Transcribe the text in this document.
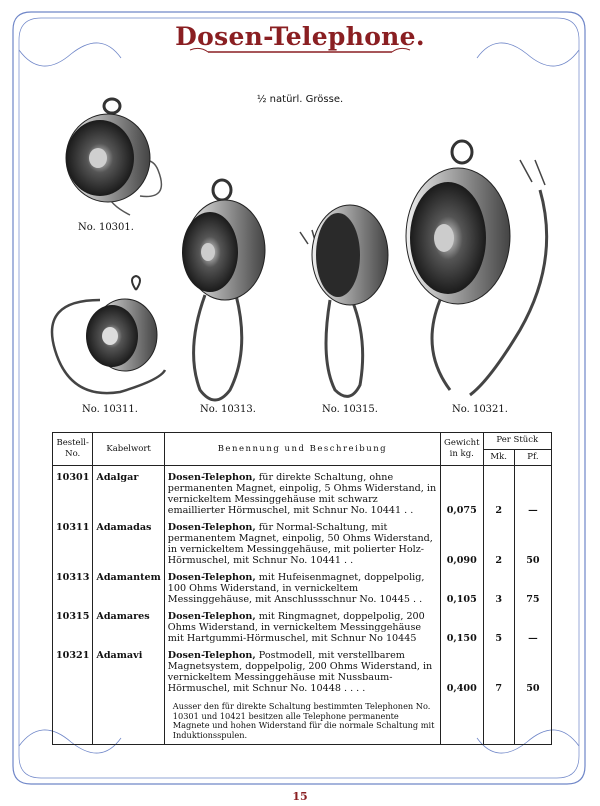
Dosen-Telephone.
½ natürl. Grösse.
No. 10301.
No. 10311.	No. 10313.	No. 10315.	No. 10321.
Bestell-No.	Kabelwort	Benennung und Beschreibung	Gewicht in kg.	Per Stück	
				Mk.	Pf.
10301	Adalgar	Dosen-Telephon, für direkte Schaltung, ohne permanenten Magnet, einpolig, 5 Ohms Widerstand, in vernickeltem Messinggehäuse mit schwarz emaillierter Hörmuschel, mit Schnur No. 10441 . .	0,075	2	—
10311	Adamadas	Dosen-Telephon, für Normal-Schaltung, mit permanentem Magnet, einpolig, 50 Ohms Widerstand, in vernickeltem Messinggehäuse, mit polierter Holz-Hörmuschel, mit Schnur No. 10441 . .	0,090	2	50
10313	Adamantem	Dosen-Telephon, mit Hufeisenmagnet, doppelpolig, 100 Ohms Widerstand, in vernickeltem Messinggehäuse, mit Anschlussschnur No. 10445 . .	0,105	3	75
10315	Adamares	Dosen-Telephon, mit Ringmagnet, doppelpolig, 200 Ohms Widerstand, in vernickeltem Messinggehäuse mit Hartgummi-Hörmuschel, mit Schnur No 10445	0,150	5	—
10321	Adamavi	Dosen-Telephon, Postmodell, mit verstellbarem Magnetsystem, doppelpolig, 200 Ohms Widerstand, in vernickeltem Messinggehäuse mit Nussbaum-Hörmuschel, mit Schnur No. 10448 . . . .	0,400	7	50
		Ausser den für direkte Schaltung bestimmten Telephonen No. 10301 und 10421 besitzen alle Telephone permanente Magnete und hohen Widerstand für die normale Schaltung mit Induktionsspulen.			
15
